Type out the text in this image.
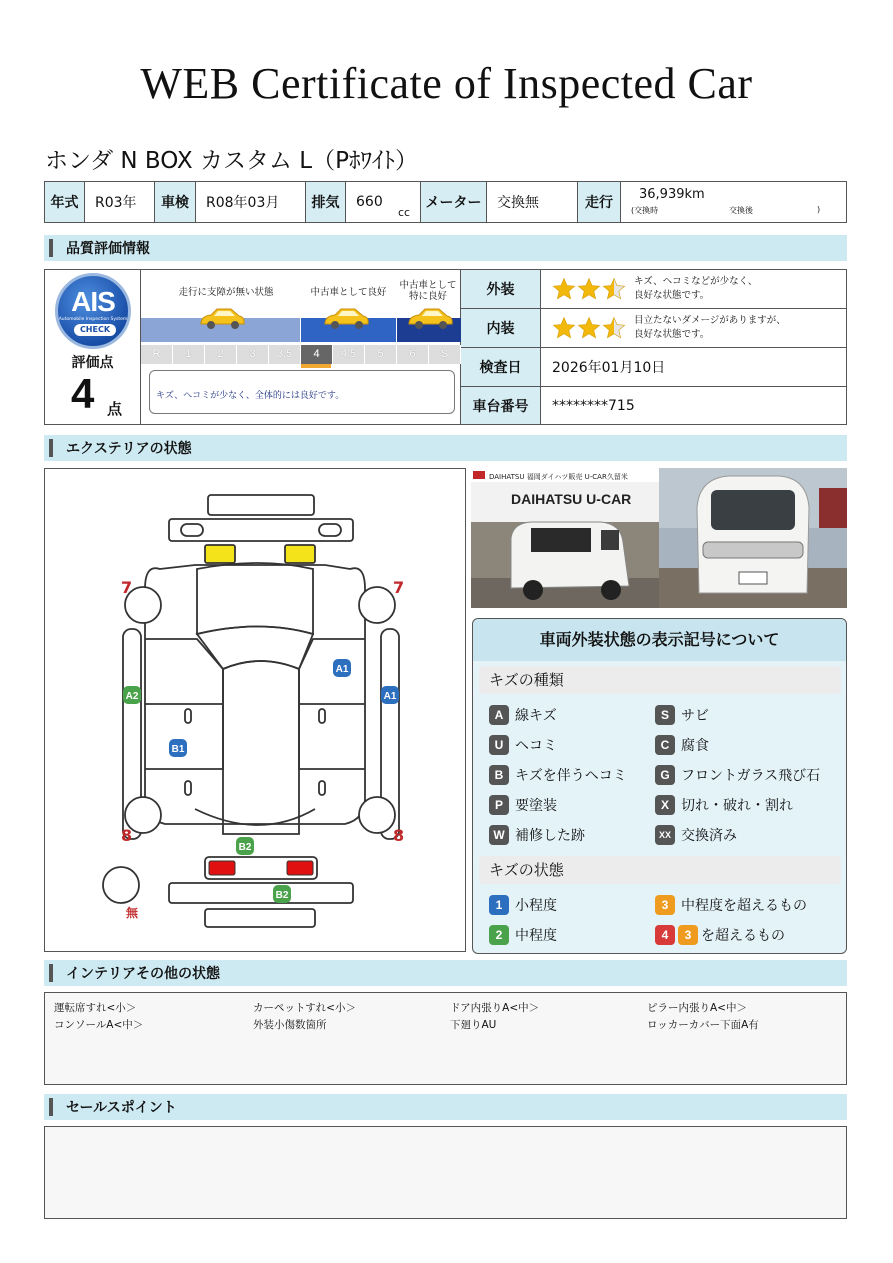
WEB Certificate of Inspected Car
ホンダ N BOX カスタム L（Pﾎﾜｲﾄ）
年式	R03年	車検	R08年03月	排気	660
cc
メーター	交換無	走行
36,939km
(交換時	交換後	)
品質評価情報
AIS
Automobile Inspection System
CHECK
評価点
4 点
走行に支障が無い状態	中古車として良好
中古車として特に良好
R	1	2	3	3.5	4	4.5	5	6	S
キズ、ヘコミが少なく、全体的には良好です。
外装
キズ、ヘコミなどが少なく、
良好な状態です。
内装
目立たないダメージがありますが、
良好な状態です。
検査日	2026年01月10日
車台番号	********715
エクステリアの状態
7	7
8	8
無
A1
A1
A2
B1
B2
B2
DAIHATSU 福岡ダイハツ販売 U-CAR久留米
DAIHATSU U-CAR
車両外装状態の表示記号について
キズの種類
A 線キズ	S サビ
U ヘコミ	C 腐食
B キズを伴うヘコミ	G フロントガラス飛び石
P 要塗装	X 切れ・破れ・割れ
W 補修した跡	XX 交換済み
キズの状態
1 小程度	3 中程度を超えるもの
2 中程度	4	3 を超えるもの
インテリアその他の状態
運転席すれ<小＞	カーペットすれ<小＞	ドア内張りA<中＞	ピラー内張りA<中＞
コンソールA<中＞	外装小傷数箇所	下廻りAU	ロッカーカバー下面A有
セールスポイント
